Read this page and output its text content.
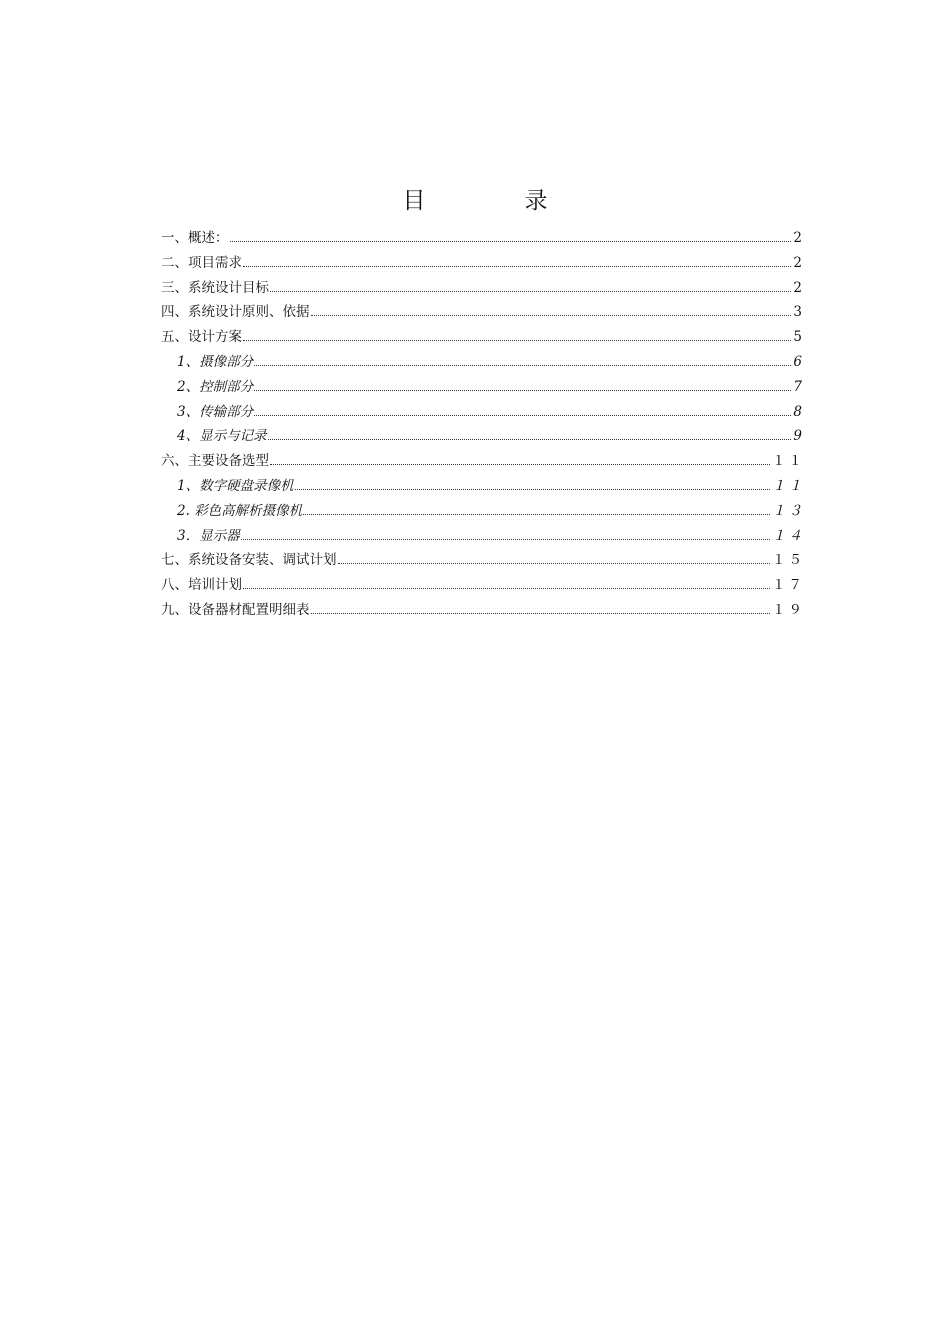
目　录
一、概述：	2
二、项目需求	2
三、系统设计目标	2
四、系统设计原则、依据	3
五、设计方案	5
1、摄像部分	6
2、控制部分	7
3、传输部分	8
4、显示与记录	9
六、主要设备选型	１１
1、数字硬盘录像机	１１
2. 彩色高解析摄像机	１３
3．显示器	１４
七、系统设备安装、调试计划	１５
八、培训计划	１７
九、设备器材配置明细表	１９
